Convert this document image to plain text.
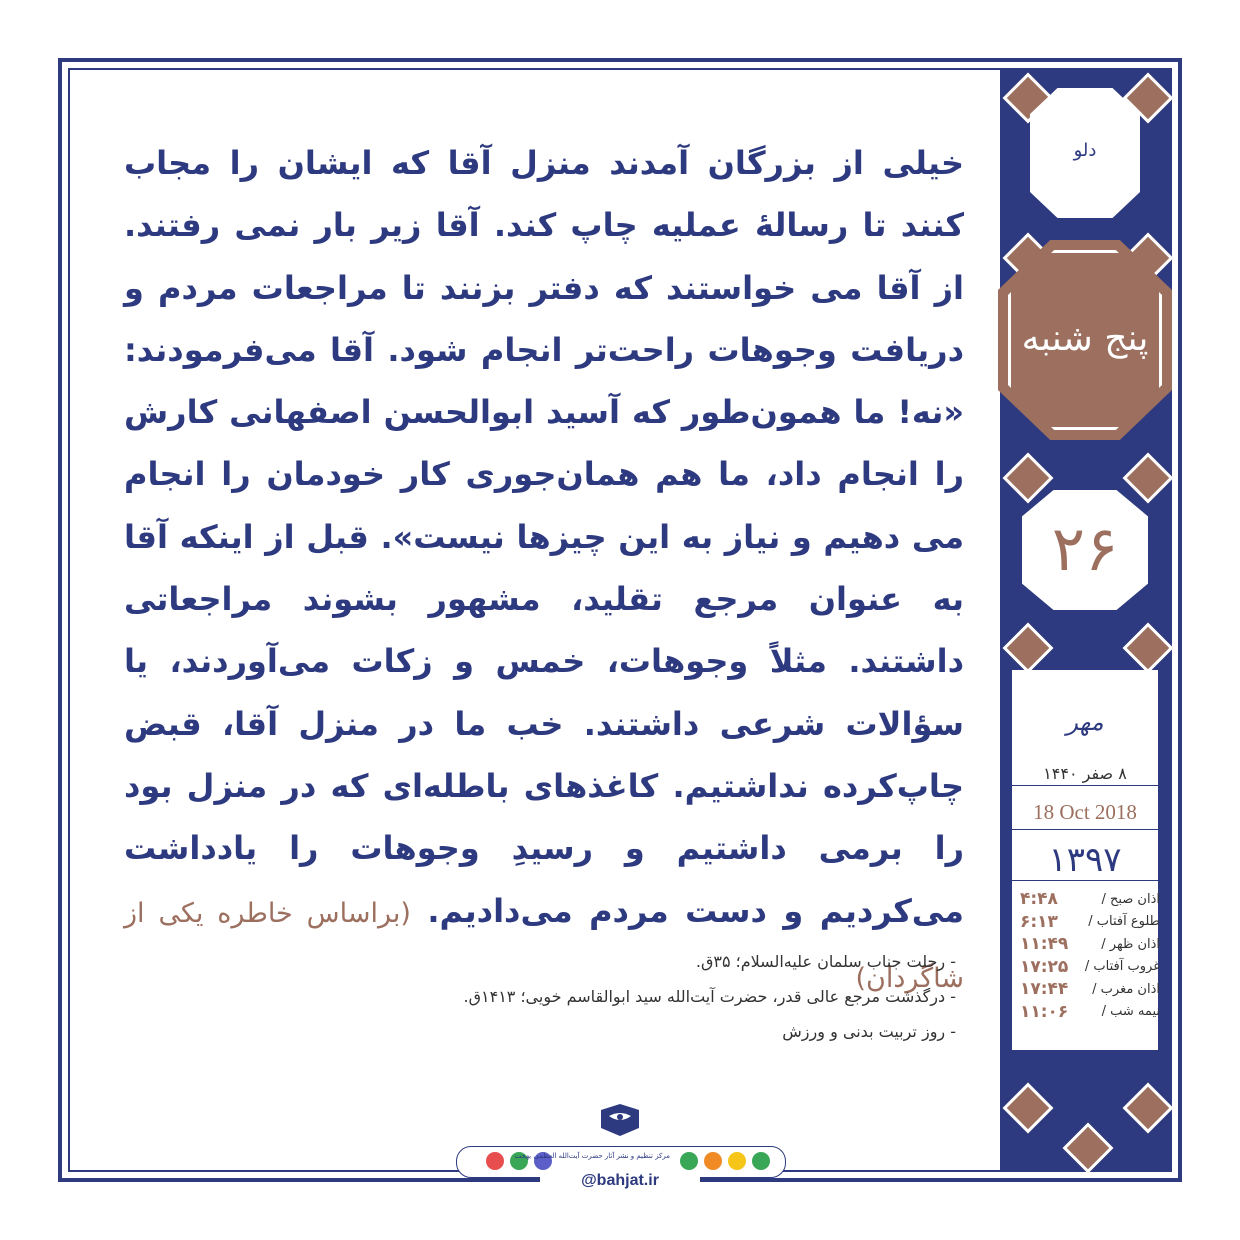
دلو
پنج شنبه
۲۶
مهر
۸ صفر ۱۴۴۰
18 Oct 2018
۱۳۹۷
اذان صبح /
۴:۴۸
طلوع آفتاب /
۶:۱۳
اذان ظهر /
۱۱:۴۹
غروب آفتاب /
۱۷:۲۵
اذان مغرب /
۱۷:۴۴
نیمه شب /
۱۱:۰۶
خیلی از بزرگان آمدند منزل آقا که ایشان را مجاب کنند تا رسالهٔ عملیه چاپ کند. آقا زیر بار نمی رفتند. از آقا می خواستند که دفتر بزنند تا مراجعات مردم و دریافت وجوهات راحت‌تر انجام شود. آقا می‌فرمودند: «نه! ما همون‌طور که آسید ابوالحسن اصفهانی کارش را انجام داد، ما هم همان‌جوری کار خودمان را انجام می دهیم و نیاز به این چیزها نیست». قبل از اینکه آقا به عنوان مرجع تقلید، مشهور بشوند مراجعاتی داشتند. مثلاً وجوهات، خمس و زکات می‌آوردند، یا سؤالات شرعی داشتند. خب ما در منزل آقا، قبض چاپ‌کرده نداشتیم. کاغذهای باطله‌ای که در منزل بود را برمی داشتیم و رسیدِ وجوهات را یادداشت می‌کردیم و دست مردم می‌دادیم. (براساس خاطره یکی از شاگردان)
- رحلت جناب سلمان علیه‌السلام؛ ۳۵ق.
- درگذشت مرجع عالی قدر، حضرت آیت‌الله سید ابوالقاسم خویی؛ ۱۴۱۳ق.
- روز تربیت بدنی و ورزش
مرکز تنظیم و نشر آثار حضرت آیت‌الله العظمی بهجت
@bahjat.ir
